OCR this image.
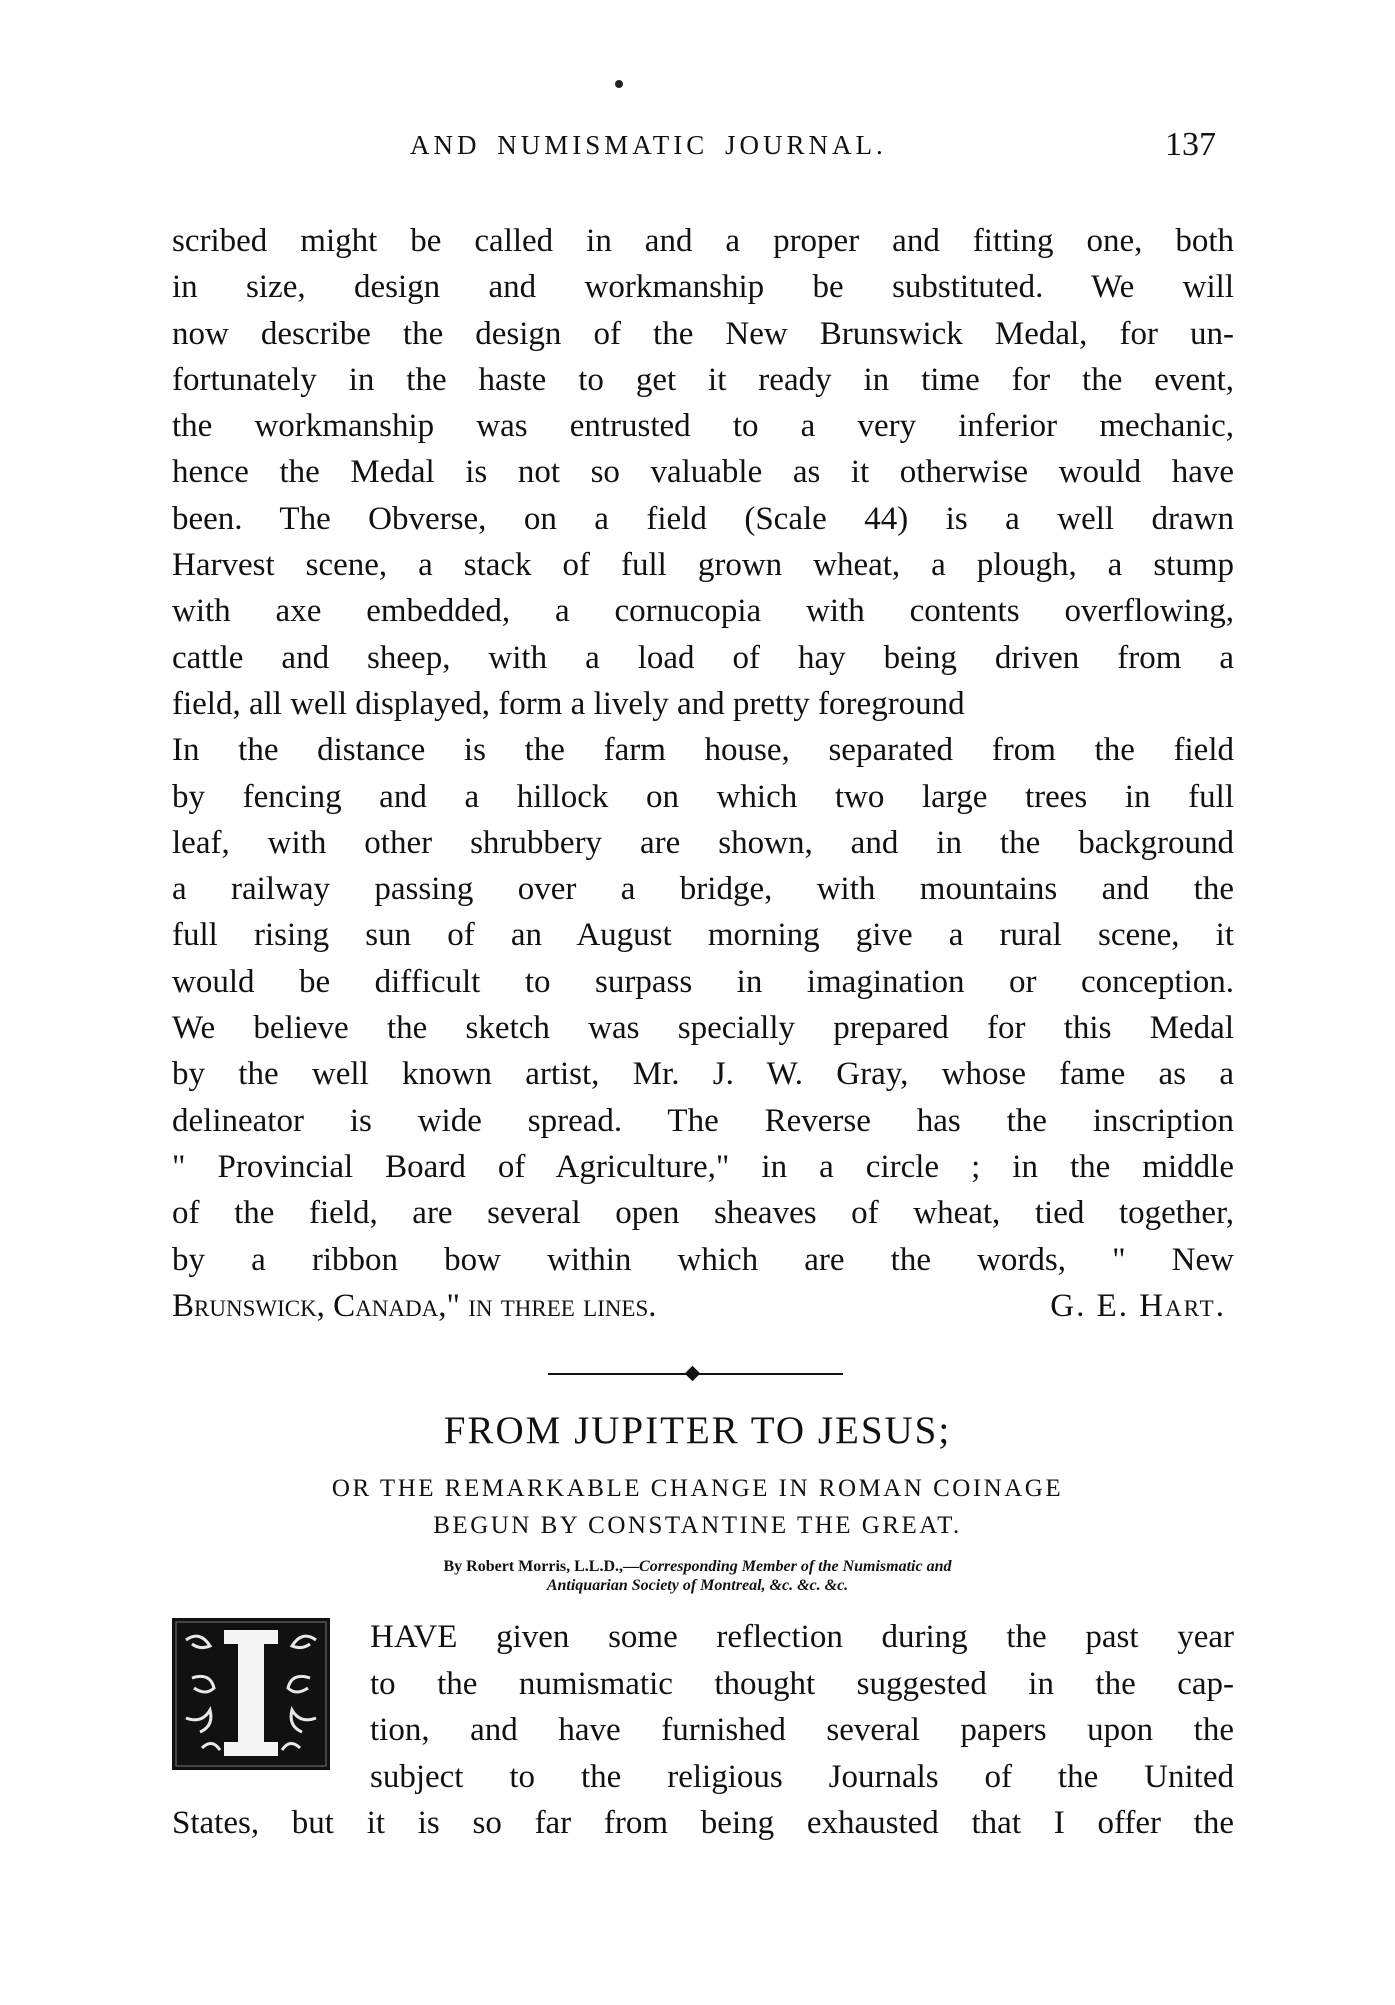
AND NUMISMATIC JOURNAL.	137
scribed might be called in and a proper and fitting one, both
in size, design and workmanship be substituted. We will
now describe the design of the New Brunswick Medal, for un-
fortunately in the haste to get it ready in time for the event,
the workmanship was entrusted to a very inferior mechanic,
hence the Medal is not so valuable as it otherwise would have
been. The Obverse, on a field (Scale 44) is a well drawn
Harvest scene, a stack of full grown wheat, a plough, a stump
with axe embedded, a cornucopia with contents overflowing,
cattle and sheep, with a load of hay being driven from a
field, all well displayed, form a lively and pretty foreground
In the distance is the farm house, separated from the field
by fencing and a hillock on which two large trees in full
leaf, with other shrubbery are shown, and in the background
a railway passing over a bridge, with mountains and the
full rising sun of an August morning give a rural scene, it
would be difficult to surpass in imagination or conception.
We believe the sketch was specially prepared for this Medal
by the well known artist, Mr. J. W. Gray, whose fame as a
delineator is wide spread. The Reverse has the inscription
" Provincial Board of Agriculture," in a circle ; in the middle
of the field, are several open sheaves of wheat, tied together,
by a ribbon bow within which are the words, " New
Brunswick, Canada," in three lines.	G. E. Hart.
FROM JUPITER TO JESUS;
OR THE REMARKABLE CHANGE IN ROMAN COINAGE
BEGUN BY CONSTANTINE THE GREAT.
By Robert Morris, L.L.D.,—Corresponding Member of the Numismatic and
Antiquarian Society of Montreal, &c. &c. &c.
HAVE given some reflection during the past year
to the numismatic thought suggested in the cap-
tion, and have furnished several papers upon the
subject to the religious Journals of the United
States, but it is so far from being exhausted that I offer the
